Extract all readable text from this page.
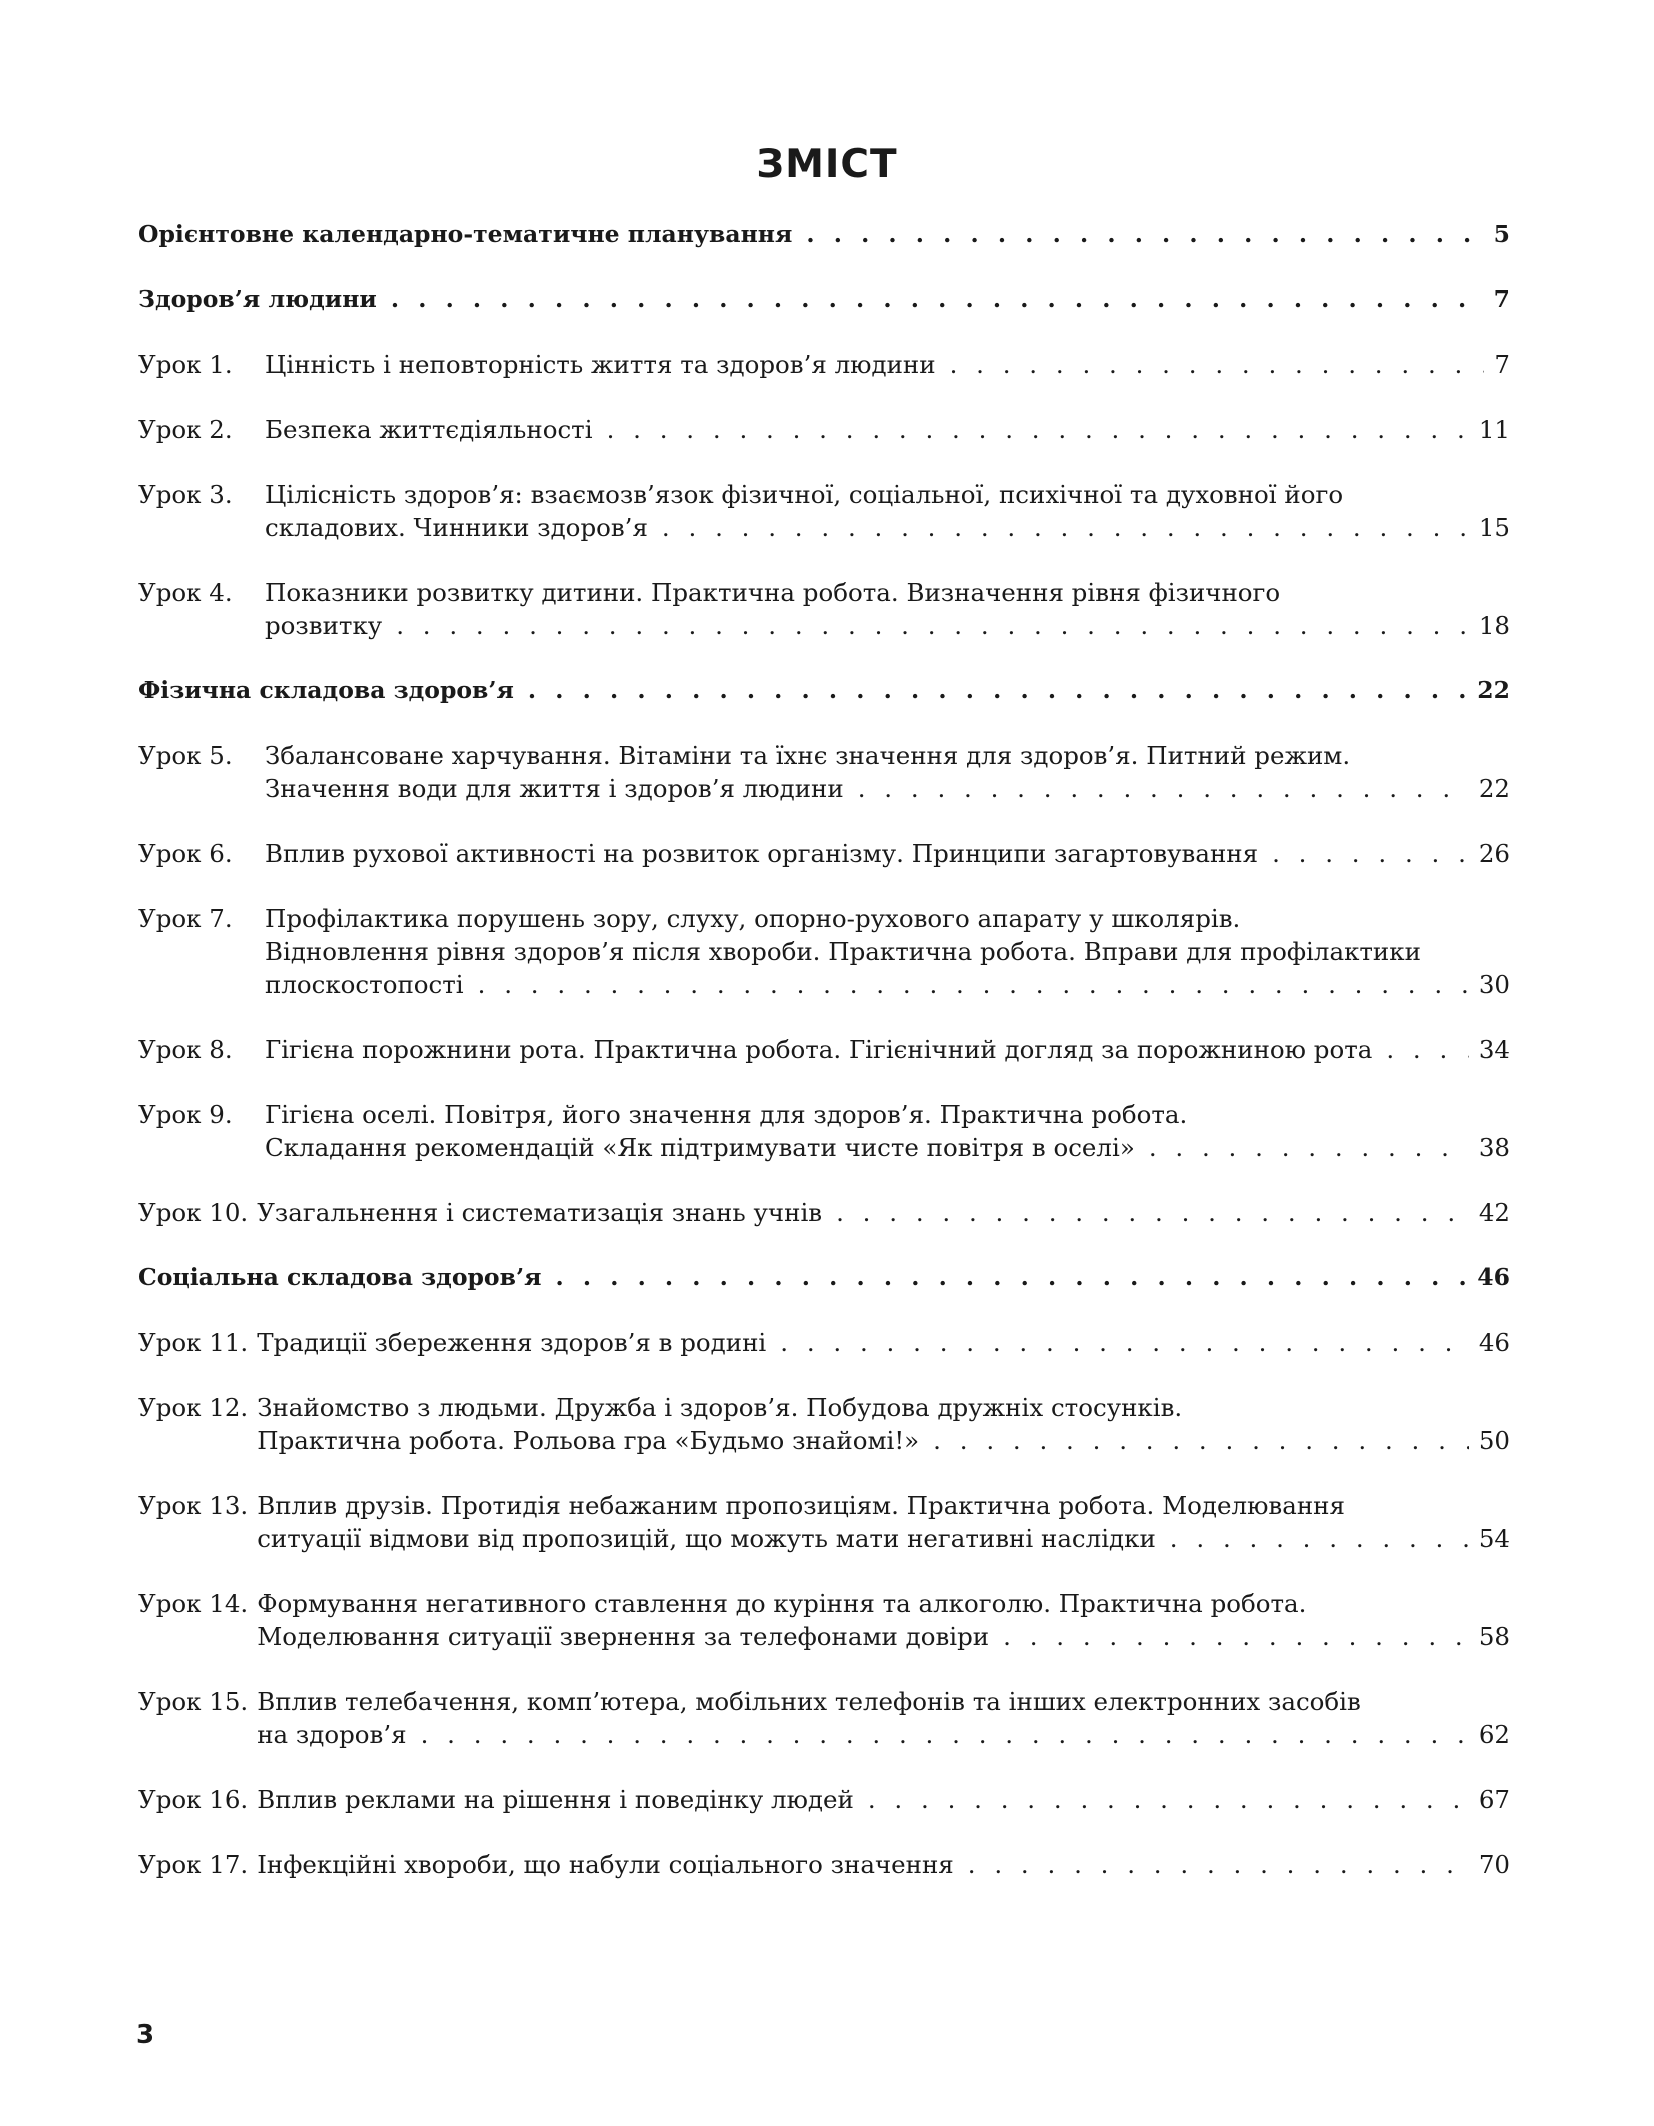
ЗМІСТ
Орієнтовне календарно-тематичне планування . . .	5
Здоров’я людини . . .	7
Урок 1.	Цінність і неповторність життя та здоров’я людини . . .	7
Урок 2.	Безпека життєдіяльності . . .	11
Урок 3.	Цілісність здоров’я: взаємозв’язок фізичної, соціальної, психічної та духовної його
складових. Чинники здоров’я . . .	15
Урок 4.	Показники розвитку дитини. Практична робота. Визначення рівня фізичного
розвитку . . .	18
Фізична складова здоров’я . . .	22
Урок 5.	Збалансоване харчування. Вітаміни та їхнє значення для здоров’я. Питний режим.
Значення води для життя і здоров’я людини . . .	22
Урок 6.	Вплив рухової активності на розвиток організму. Принципи загартовування . . .	26
Урок 7.	Профілактика порушень зору, слуху, опорно-рухового апарату у школярів.
Відновлення рівня здоров’я після хвороби. Практична робота. Вправи для профілактики
плоскостопості . . .	30
Урок 8.	Гігієна порожнини рота. Практична робота. Гігієнічний догляд за порожниною рота . . .	34
Урок 9.	Гігієна оселі. Повітря, його значення для здоров’я. Практична робота.
Складання рекомендацій «Як підтримувати чисте повітря в оселі» . . .	38
Урок 10. Узагальнення і систематизація знань учнів . . .	42
Соціальна складова здоров’я . . .	46
Урок 11. Традиції збереження здоров’я в родині . . .	46
Урок 12. Знайомство з людьми. Дружба і здоров’я. Побудова дружніх стосунків.
Практична робота. Рольова гра «Будьмо знайомі!» . . .	50
Урок 13. Вплив друзів. Протидія небажаним пропозиціям. Практична робота. Моделювання
ситуації відмови від пропозицій, що можуть мати негативні наслідки . . .	54
Урок 14. Формування негативного ставлення до куріння та алкоголю. Практична робота.
Моделювання ситуації звернення за телефонами довіри . . .	58
Урок 15. Вплив телебачення, комп’ютера, мобільних телефонів та інших електронних засобів
на здоров’я . . .	62
Урок 16. Вплив реклами на рішення і поведінку людей . . .	67
Урок 17. Інфекційні хвороби, що набули соціального значення . . .	70
3
